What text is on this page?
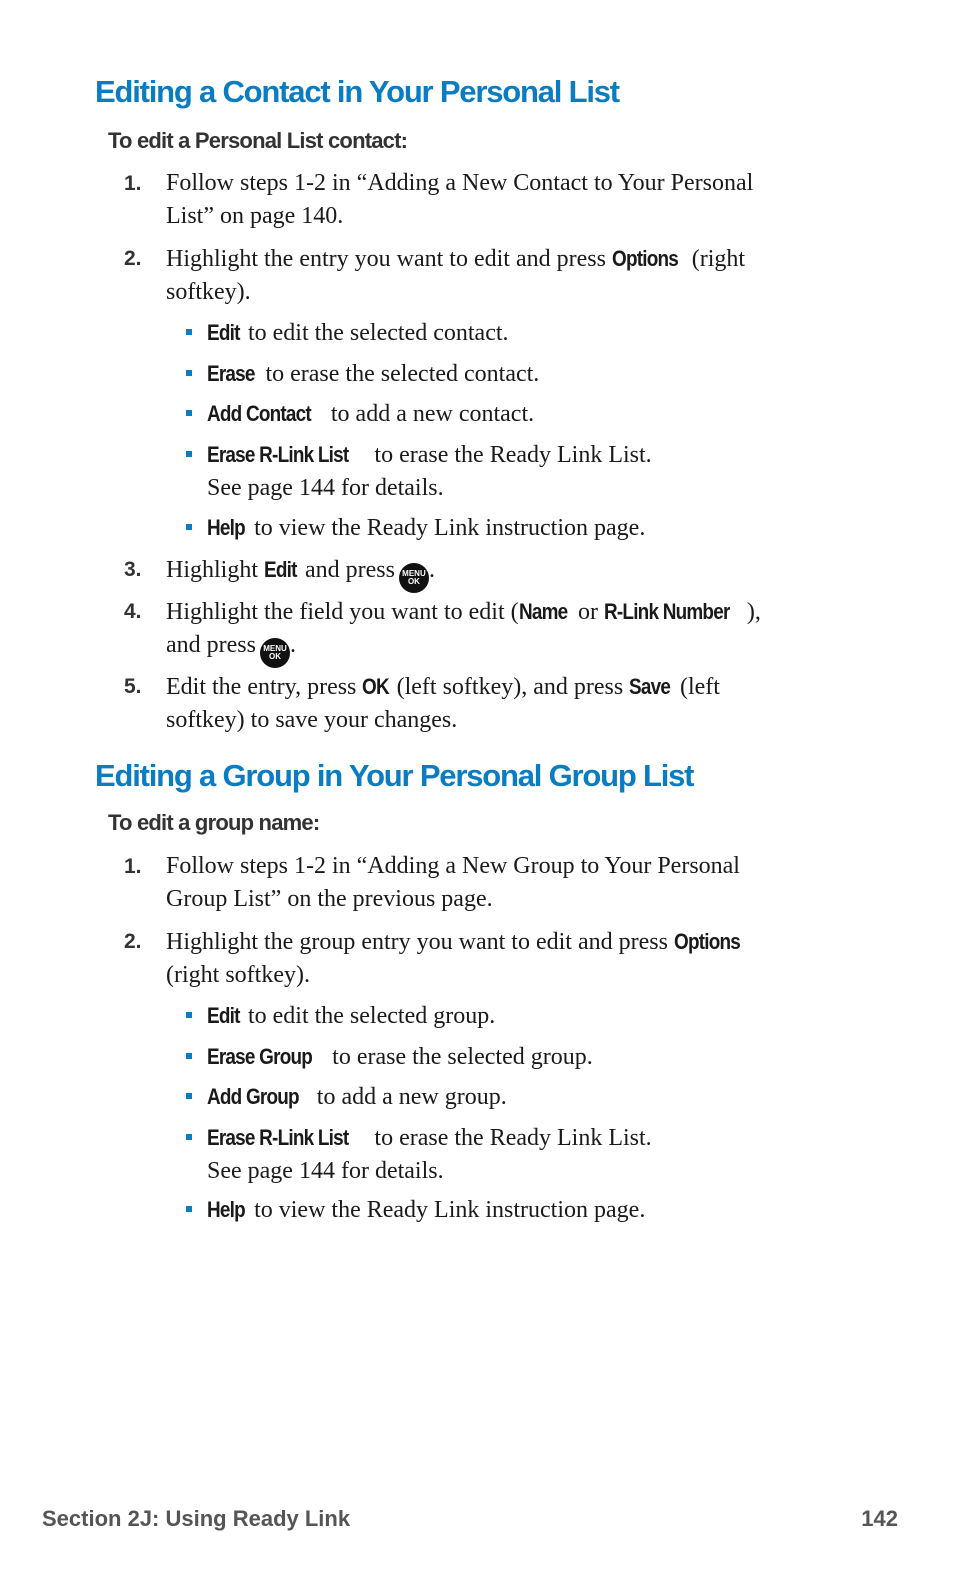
Editing a Contact in Your Personal List

To edit a Personal List contact:

1. Follow steps 1-2 in “Adding a New Contact to Your Personal
List” on page 140.
2. Highlight the entry you want to edit and press Options (right
softkey).
Edit to edit the selected contact.
Erase to erase the selected contact.
Add Contact to add a new contact.
Erase R-Link List to erase the Ready Link List.
See page 144 for details.
Help to view the Ready Link instruction page.
3. Highlight Edit and press MENU
OK .
4. Highlight the field you want to edit (Name or R-Link Number ),
and press MENU
OK .
5. Edit the entry, press OK (left softkey), and press Save (left
softkey) to save your changes.
Editing a Group in Your Personal Group List

To edit a group name:

1. Follow steps 1-2 in “Adding a New Group to Your Personal
Group List” on the previous page.
2. Highlight the group entry you want to edit and press Options
(right softkey).
Edit to edit the selected group.
Erase Group to erase the selected group.
Add Group to add a new group.
Erase R-Link List to erase the Ready Link List.
See page 144 for details.
Help to view the Ready Link instruction page.
Section 2J: Using Ready Link	142
